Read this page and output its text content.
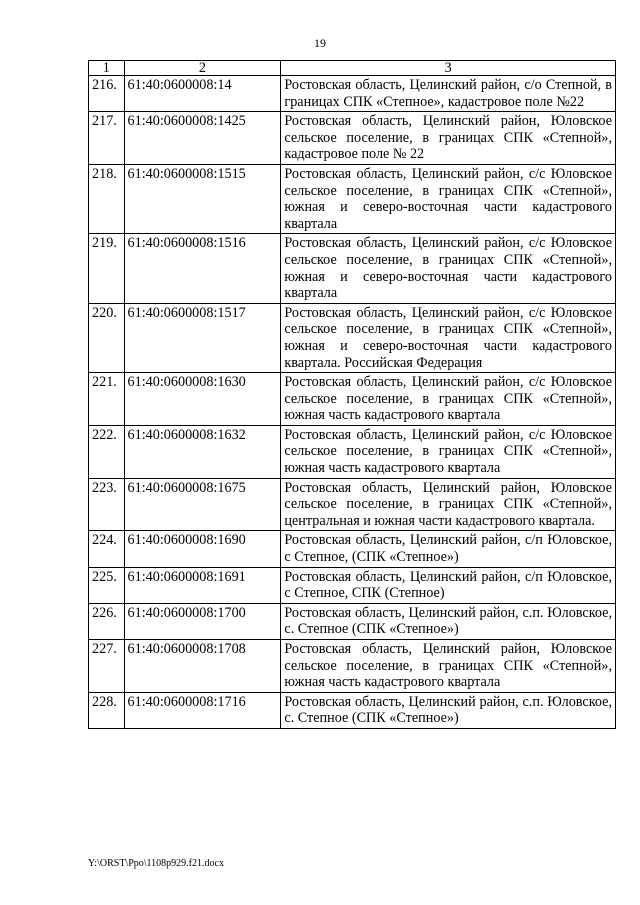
19
1	2	3
216.	61:40:0600008:14	Ростовская область, Целинский район, с/о Степной, в границах СПК «Степное», кадастровое поле №22
217.	61:40:0600008:1425	Ростовская область, Целинский район, Юловское сельское поселение, в границах СПК «Степной», кадастровое поле № 22
218.	61:40:0600008:1515	Ростовская область, Целинский район, с/с Юловское сельское поселение, в границах СПК «Степной», южная и северо-восточная части кадастрового квартала
219.	61:40:0600008:1516	Ростовская область, Целинский район, с/с Юловское сельское поселение, в границах СПК «Степной», южная и северо-восточная части кадастрового квартала
220.	61:40:0600008:1517	Ростовская область, Целинский район, с/с Юловское сельское поселение, в границах СПК «Степной», южная и северо-восточная части кадастрового квартала. Российская Федерация
221.	61:40:0600008:1630	Ростовская область, Целинский район, с/с Юловское сельское поселение, в границах СПК «Степной», южная часть кадастрового квартала
222.	61:40:0600008:1632	Ростовская область, Целинский район, с/с Юловское сельское поселение, в границах СПК «Степной», южная часть кадастрового квартала
223.	61:40:0600008:1675	Ростовская область, Целинский район, Юловское сельское поселение, в границах СПК «Степной», центральная и южная части кадастрового квартала.
224.	61:40:0600008:1690	Ростовская область, Целинский район, с/п Юловское, с Степное, (СПК «Степное»)
225.	61:40:0600008:1691	Ростовская область, Целинский район, с/п Юловское, с Степное, СПК (Степное)
226.	61:40:0600008:1700	Ростовская область, Целинский район, с.п. Юловское, с. Степное (СПК «Степное»)
227.	61:40:0600008:1708	Ростовская область, Целинский район, Юловское сельское поселение, в границах СПК «Степной», южная часть кадастрового квартала
228.	61:40:0600008:1716	Ростовская область, Целинский район, с.п. Юловское, с. Степное (СПК «Степное»)
Y:\ORST\Ppo\1108p929.f21.docx
